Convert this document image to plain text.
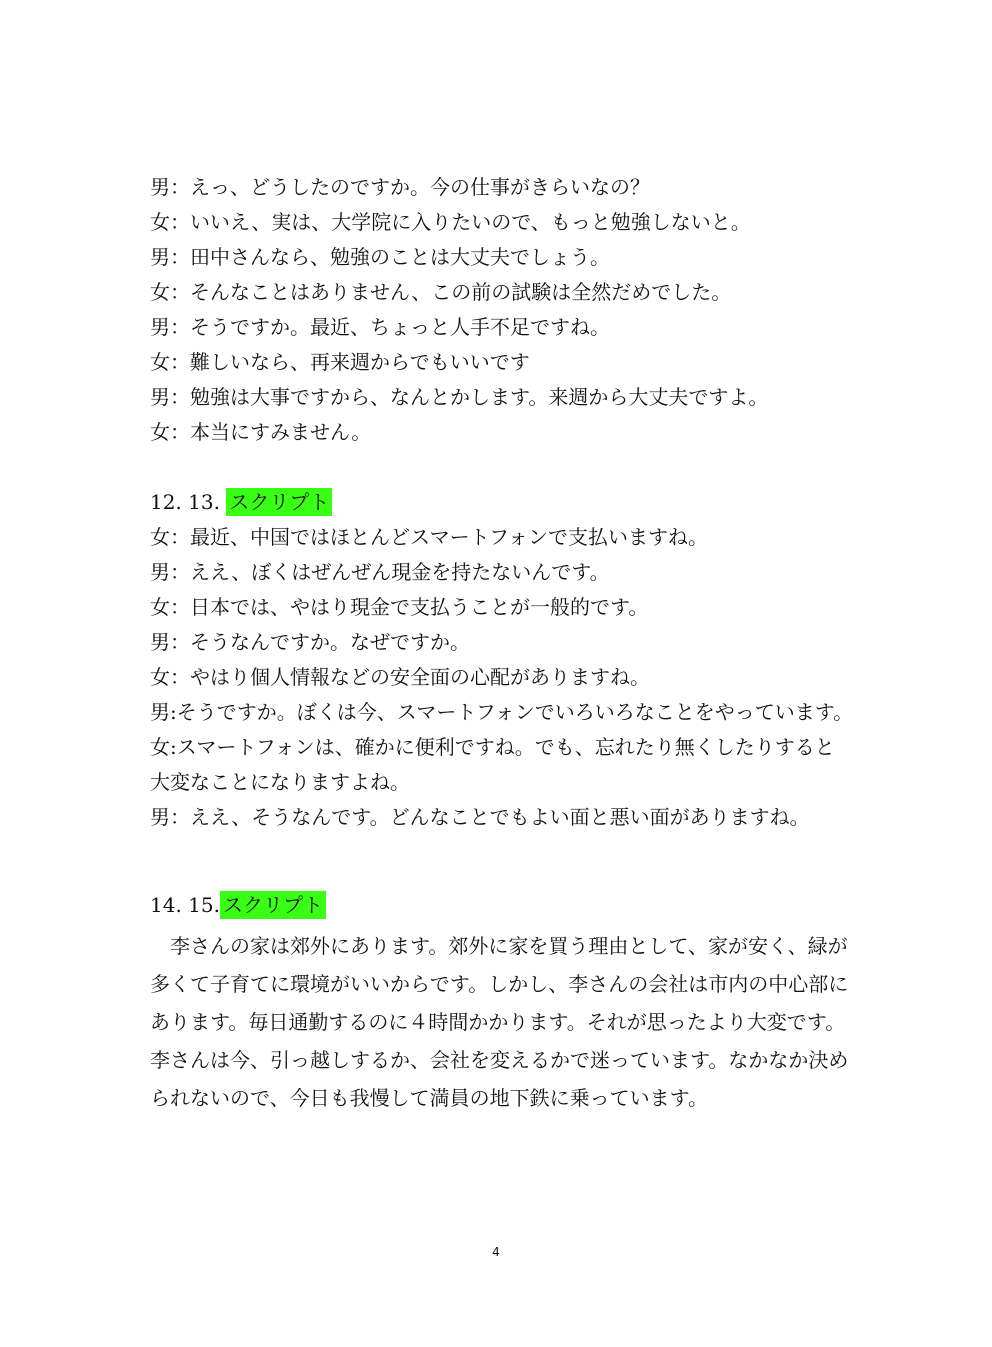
男：えっ、どうしたのですか。今の仕事がきらいなの？
女：いいえ、実は、大学院に入りたいので、もっと勉強しないと。
男：田中さんなら、勉強のことは大丈夫でしょう。
女：そんなことはありません、この前の試験は全然だめでした。
男：そうですか。最近、ちょっと人手不足ですね。
女：難しいなら、再来週からでもいいです
男：勉強は大事ですから、なんとかします。来週から大丈夫ですよ。
女：本当にすみません。
12. 13. スクリプト
女：最近、中国ではほとんどスマートフォンで支払いますね。
男：ええ、ぼくはぜんぜん現金を持たないんです。
女：日本では、やはり現金で支払うことが一般的です。
男：そうなんですか。なぜですか。
女：やはり個人情報などの安全面の心配がありますね。
男:そうですか。ぼくは今、スマートフォンでいろいろなことをやっています。
女:スマートフォンは、確かに便利ですね。でも、忘れたり無くしたりすると
大変なことになりますよね。
男：ええ、そうなんです。どんなことでもよい面と悪い面がありますね。
14. 15. スクリプト
　李さんの家は郊外にあります。郊外に家を買う理由として、家が安く、緑が
多くて子育てに環境がいいからです。しかし、李さんの会社は市内の中心部に
あります。毎日通勤するのに４時間かかります。それが思ったより大変です。
李さんは今、引っ越しするか、会社を変えるかで迷っています。なかなか決め
られないので、今日も我慢して満員の地下鉄に乗っています。
4
